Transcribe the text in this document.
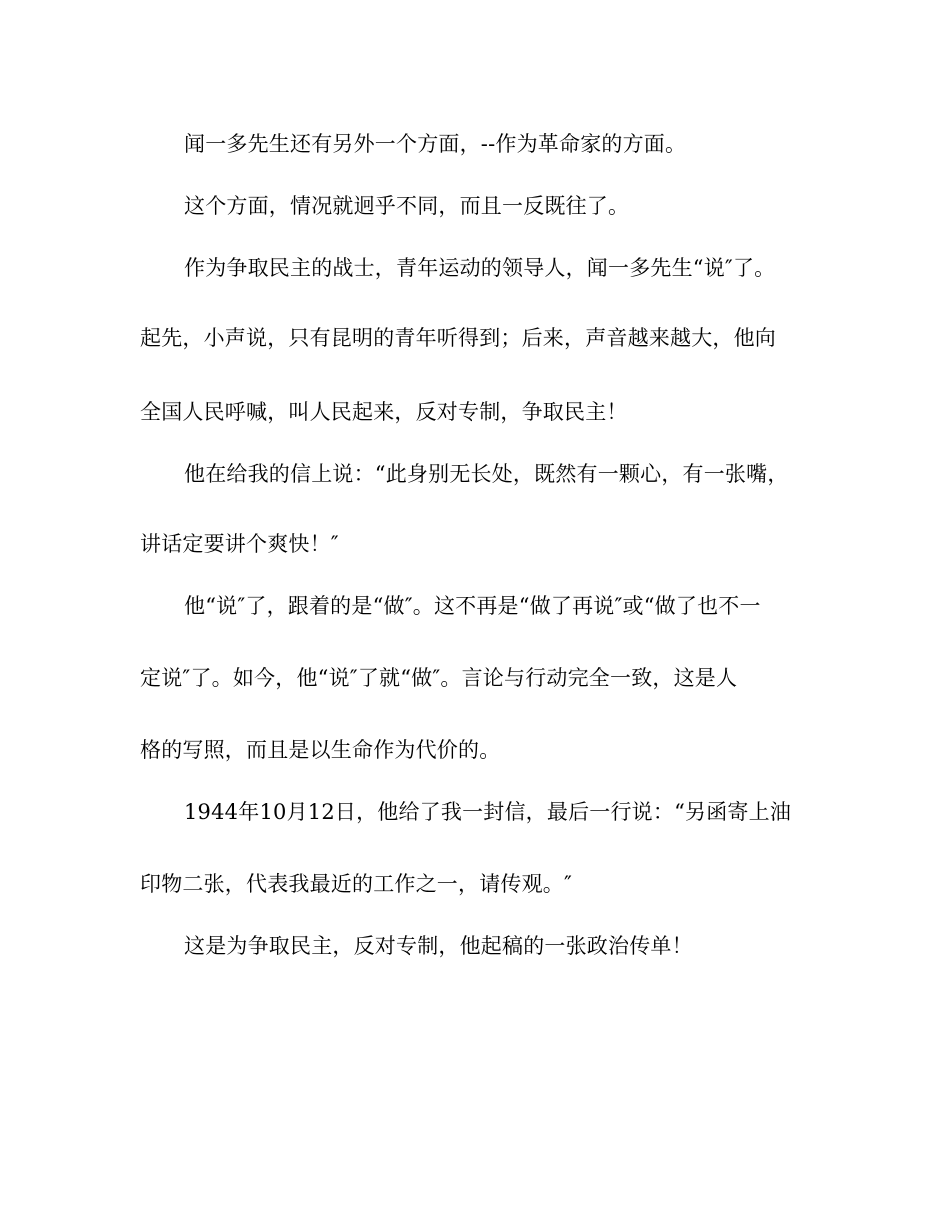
闻一多先生还有另外一个方面，--作为革命家的方面。
这个方面，情况就迥乎不同，而且一反既往了。
作为争取民主的战士，青年运动的领导人，闻一多先生“说″了。
起先，小声说，只有昆明的青年听得到；后来，声音越来越大，他向
全国人民呼喊，叫人民起来，反对专制，争取民主！
他在给我的信上说：“此身别无长处，既然有一颗心，有一张嘴，
讲话定要讲个爽快！″
他“说″了，跟着的是“做″。这不再是“做了再说″或“做了也不一
定说″了。如今，他“说″了就“做″。言论与行动完全一致，这是人
格的写照，而且是以生命作为代价的。
1944年10月12日，他给了我一封信，最后一行说：“另函寄上油
印物二张，代表我最近的工作之一，请传观。″
这是为争取民主，反对专制，他起稿的一张政治传单！
